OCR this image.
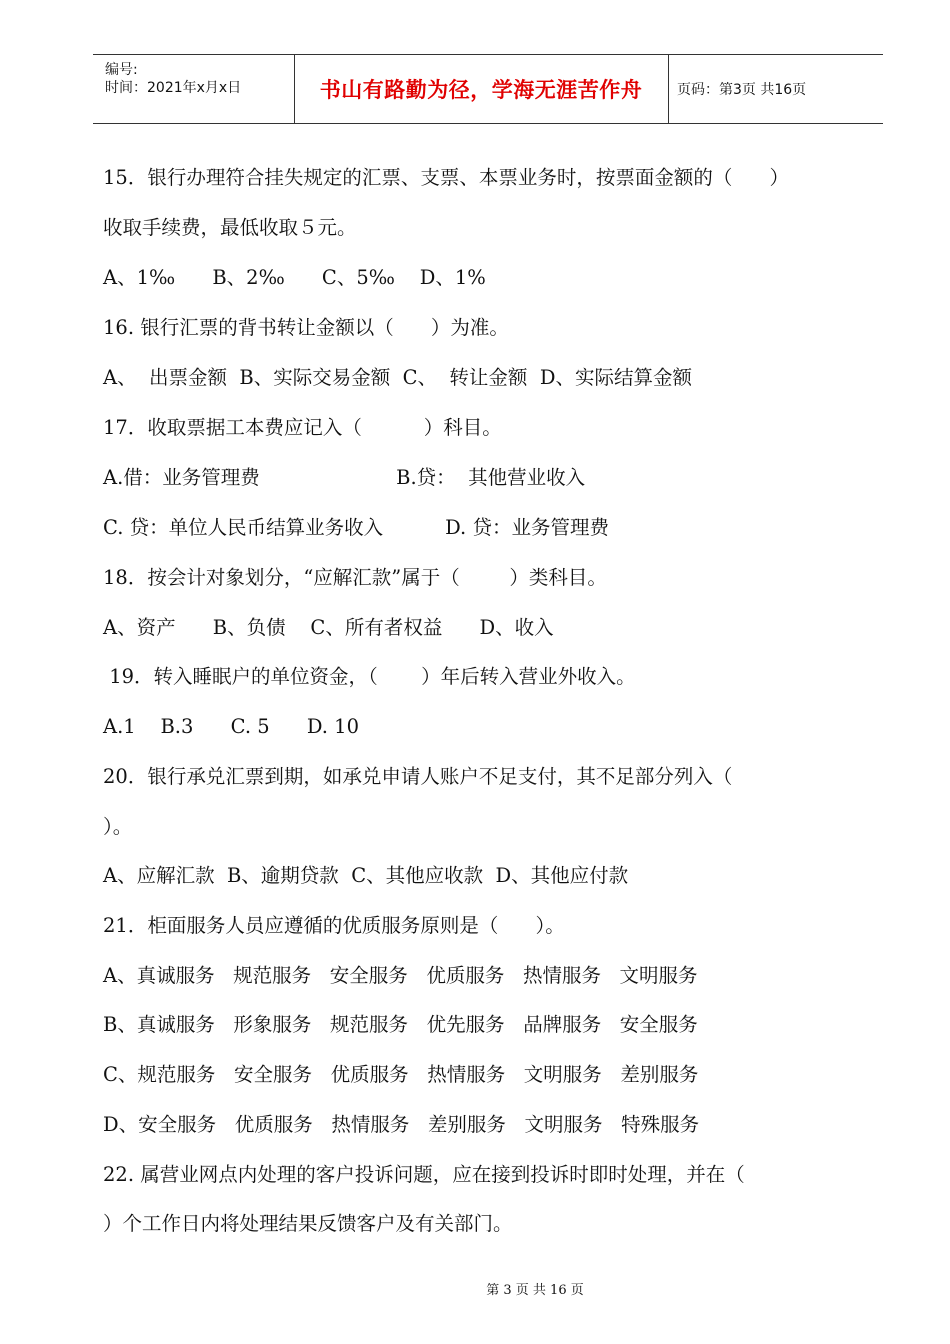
编号:
时间：2021年x月x日	书山有路勤为径，学海无涯苦作舟 页码：第3页 共16页
15．银行办理符合挂失规定的汇票、支票、本票业务时，按票面金额的（      ）
收取手续费，最低收取５元。
A、1‰      B、2‰      C、5‰    D、1%
16. 银行汇票的背书转让金额以（      ）为准。
A、  出票金额  B、实际交易金额  C、  转让金额  D、实际结算金额
17．收取票据工本费应记入（          ）科目。
A.借：业务管理费                      B.贷：  其他营业收入
C. 贷：单位人民币结算业务收入          D. 贷：业务管理费
18．按会计对象划分，“应解汇款”属于（        ）类科目。
A、资产      B、负债    C、所有者权益      D、收入
19．转入睡眠户的单位资金，（       ）年后转入营业外收入。
A.1    B.3      C. 5      D. 10
20．银行承兑汇票到期，如承兑申请人账户不足支付，其不足部分列入（
）。
A、应解汇款  B、逾期贷款  C、其他应收款  D、其他应付款
21．柜面服务人员应遵循的优质服务原则是（      ）。
A、真诚服务   规范服务   安全服务   优质服务   热情服务   文明服务
B、真诚服务   形象服务   规范服务   优先服务   品牌服务   安全服务
C、规范服务   安全服务   优质服务   热情服务   文明服务   差别服务
D、安全服务   优质服务   热情服务   差别服务   文明服务   特殊服务
22. 属营业网点内处理的客户投诉问题，应在接到投诉时即时处理，并在（
）个工作日内将处理结果反馈客户及有关部门。
第 3 页 共 16 页
